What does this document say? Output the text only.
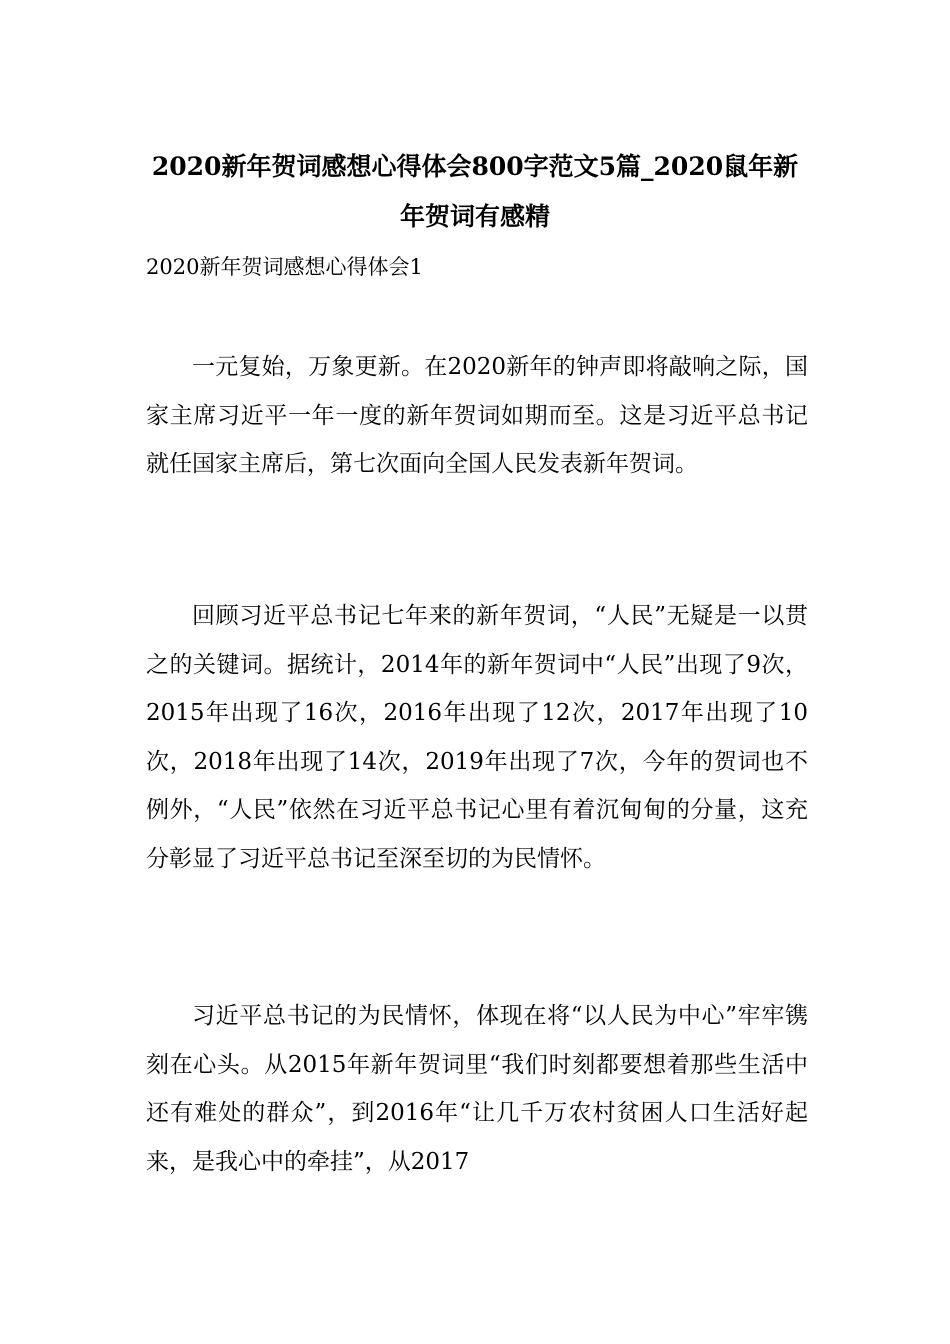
2020新年贺词感想心得体会800字范文5篇_2020鼠年新年贺词有感精

2020新年贺词感想心得体会1

一元复始，万象更新。在2020新年的钟声即将敲响之际，国家主席习近平一年一度的新年贺词如期而至。这是习近平总书记就任国家主席后，第七次面向全国人民发表新年贺词。

回顾习近平总书记七年来的新年贺词，“人民”无疑是一以贯之的关键词。据统计，2014年的新年贺词中“人民”出现了9次，2015年出现了16次，2016年出现了12次，2017年出现了10次，2018年出现了14次，2019年出现了7次，今年的贺词也不例外，“人民”依然在习近平总书记心里有着沉甸甸的分量，这充分彰显了习近平总书记至深至切的为民情怀。

习近平总书记的为民情怀，体现在将“以人民为中心”牢牢镌刻在心头。从2015年新年贺词里“我们时刻都要想着那些生活中还有难处的群众”，到2016年“让几千万农村贫困人口生活好起来，是我心中的牵挂”，从2017
